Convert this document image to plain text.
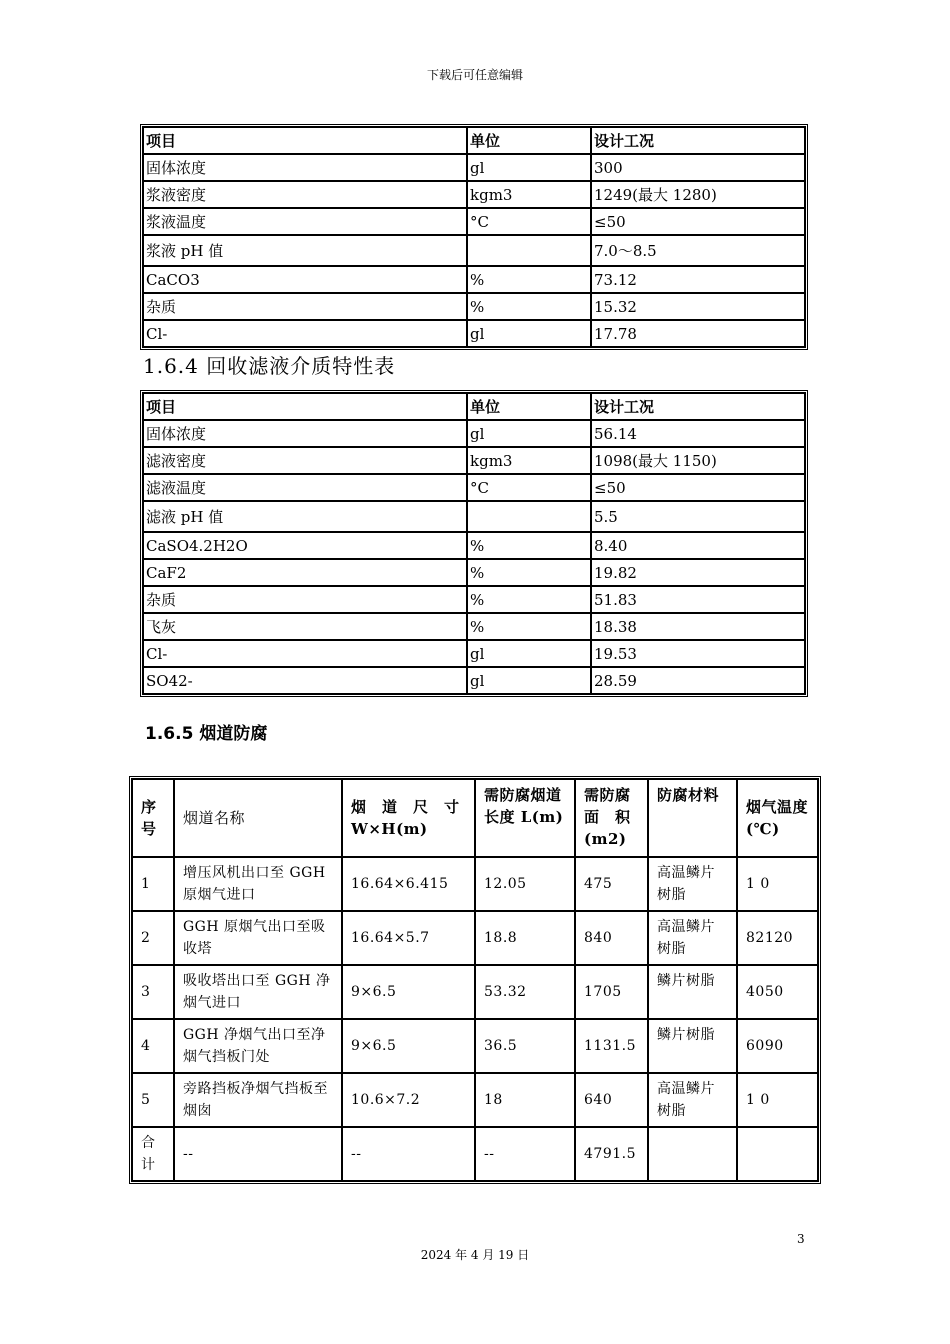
下载后可任意编辑
项目	单位	设计工况
固体浓度	gl	300
浆液密度	kgm3	1249(最大 1280)
浆液温度	°C	≤50
浆液 pH 值		7.0～8.5
CaCO3	%	73.12
杂质	%	15.32
Cl-	gl	17.78
1.6.4 回收滤液介质特性表
项目	单位	设计工况
固体浓度	gl	56.14
滤液密度	kgm3	1098(最大 1150)
滤液温度	°C	≤50
滤液 pH 值		5.5
CaSO4.2H2O	%	8.40
CaF2	%	19.82
杂质	%	51.83
飞灰	%	18.38
Cl-	gl	19.53
SO42-	gl	28.59
1.6.5 烟道防腐
序号	烟道名称	烟　道　尺　寸 W×H(m)	需防腐烟道长度 L(m)	需防腐面　积(m2)	防腐材料	烟气温度(℃)
1	增压风机出口至 GGH 原烟气进口	16.64×6.415	12.05	475	高温鳞片树脂	1 0
2	GGH 原烟气出口至吸收塔	16.64×5.7	18.8	840	高温鳞片树脂	82120
3	吸收塔出口至 GGH 净烟气进口	9×6.5	53.32	1705	鳞片树脂	4050
4	GGH 净烟气出口至净烟气挡板门处	9×6.5	36.5	1131.5	鳞片树脂	6090
5	旁路挡板净烟气挡板至烟囱	10.6×7.2	18	640	高温鳞片树脂	1 0
合计	--	--	--	4791.5		
3
2024 年 4 月 19 日
